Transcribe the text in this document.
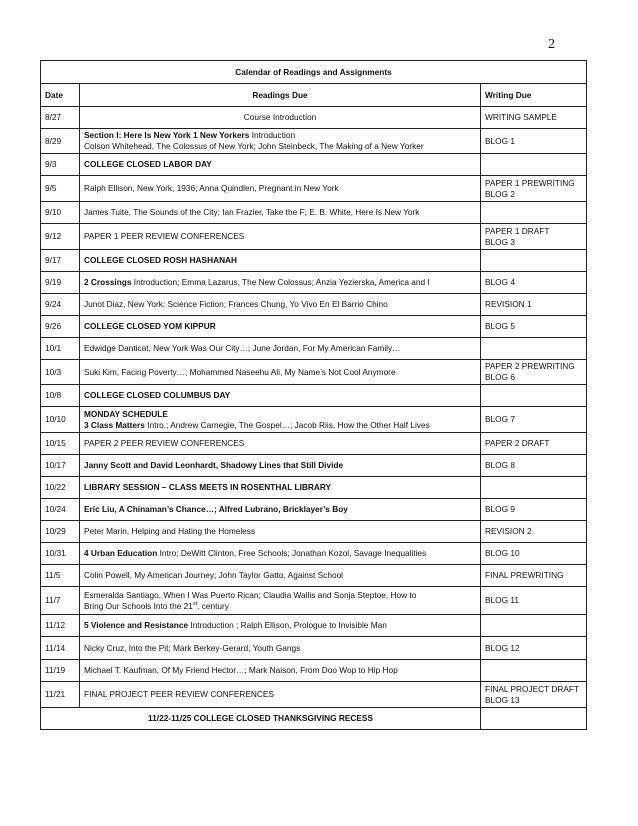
2
Calendar of Readings and Assignments		
Date	Readings Due	Writing Due
8/27	Course Introduction	WRITING SAMPLE
8/29	Section I: Here Is New York 1 New Yorkers Introduction
Colson Whitehead, The Colossus of New York; John Steinbeck, The Making of a New Yorker	BLOG 1
9/3	COLLEGE CLOSED LABOR DAY	
9/5	Ralph Ellison, New York, 1936; Anna Quindlen, Pregnant in New York	PAPER 1 PREWRITING
BLOG 2

9/10	James Tuite, The Sounds of the City; Ian Frazier, Take the F; E. B. White, Here Is New York	
9/12	PAPER 1 PEER REVIEW CONFERENCES	PAPER 1 DRAFT
BLOG 3

9/17	COLLEGE CLOSED ROSH HASHANAH	
9/19	2 Crossings Introduction; Emma Lazarus, The New Colossus; Anzia Yezierska, America and I	BLOG 4
9/24	Junot Diaz, New York: Science Fiction; Frances Chung, Yo Vivo En El Barrio Chino	REVISION 1
9/26	COLLEGE CLOSED YOM KIPPUR	BLOG 5
10/1	Edwidge Danticat, New York Was Our City…; June Jordan, For My American Family…	
10/3	Suki Kim, Facing Poverty…; Mohammed Naseehu Ali, My Name’s Not Cool Anymore	PAPER 2 PREWRITING
BLOG 6

10/8	COLLEGE CLOSED COLUMBUS DAY	
10/10	MONDAY SCHEDULE
3 Class Matters Intro.; Andrew Carnegie, The Gospel…; Jacob Riis, How the Other Half Lives	BLOG 7
10/15	PAPER 2 PEER REVIEW CONFERENCES	PAPER 2 DRAFT
10/17	Janny Scott and David Leonhardt, Shadowy Lines that Still Divide	BLOG 8
10/22	LIBRARY SESSION – CLASS MEETS IN ROSENTHAL LIBRARY	
10/24	Eric Liu, A Chinaman’s Chance…; Alfred Lubrano, Bricklayer’s Boy	BLOG 9
10/29	Peter Marin, Helping and Hating the Homeless	REVISION 2
10/31	4 Urban Education Intro; DeWitt Clinton, Free Schools; Jonathan Kozol, Savage Inequalities	BLOG 10
11/5	Colin Powell, My American Journey; John Taylor Gatto, Against School	FINAL PREWRITING
11/7	Esmeralda Santiago, When I Was Puerto Rican; Claudia Wallis and Sonja Steptoe, How to
Bring Our Schools Into the 21st. century	BLOG 11
11/12	5 Violence and Resistance Introduction ; Ralph Ellison, Prologue to Invisible Man	
11/14	Nicky Cruz, Into the Pit; Mark Berkey-Gerard, Youth Gangs	BLOG 12
11/19	Michael T. Kaufman, Of My Friend Hector…; Mark Naison, From Doo Wop to Hip Hop	
11/21	FINAL PROJECT PEER REVIEW CONFERENCES	FINAL PROJECT DRAFT
BLOG 13

11/22-11/25 COLLEGE CLOSED THANKSGIVING RECESS		
